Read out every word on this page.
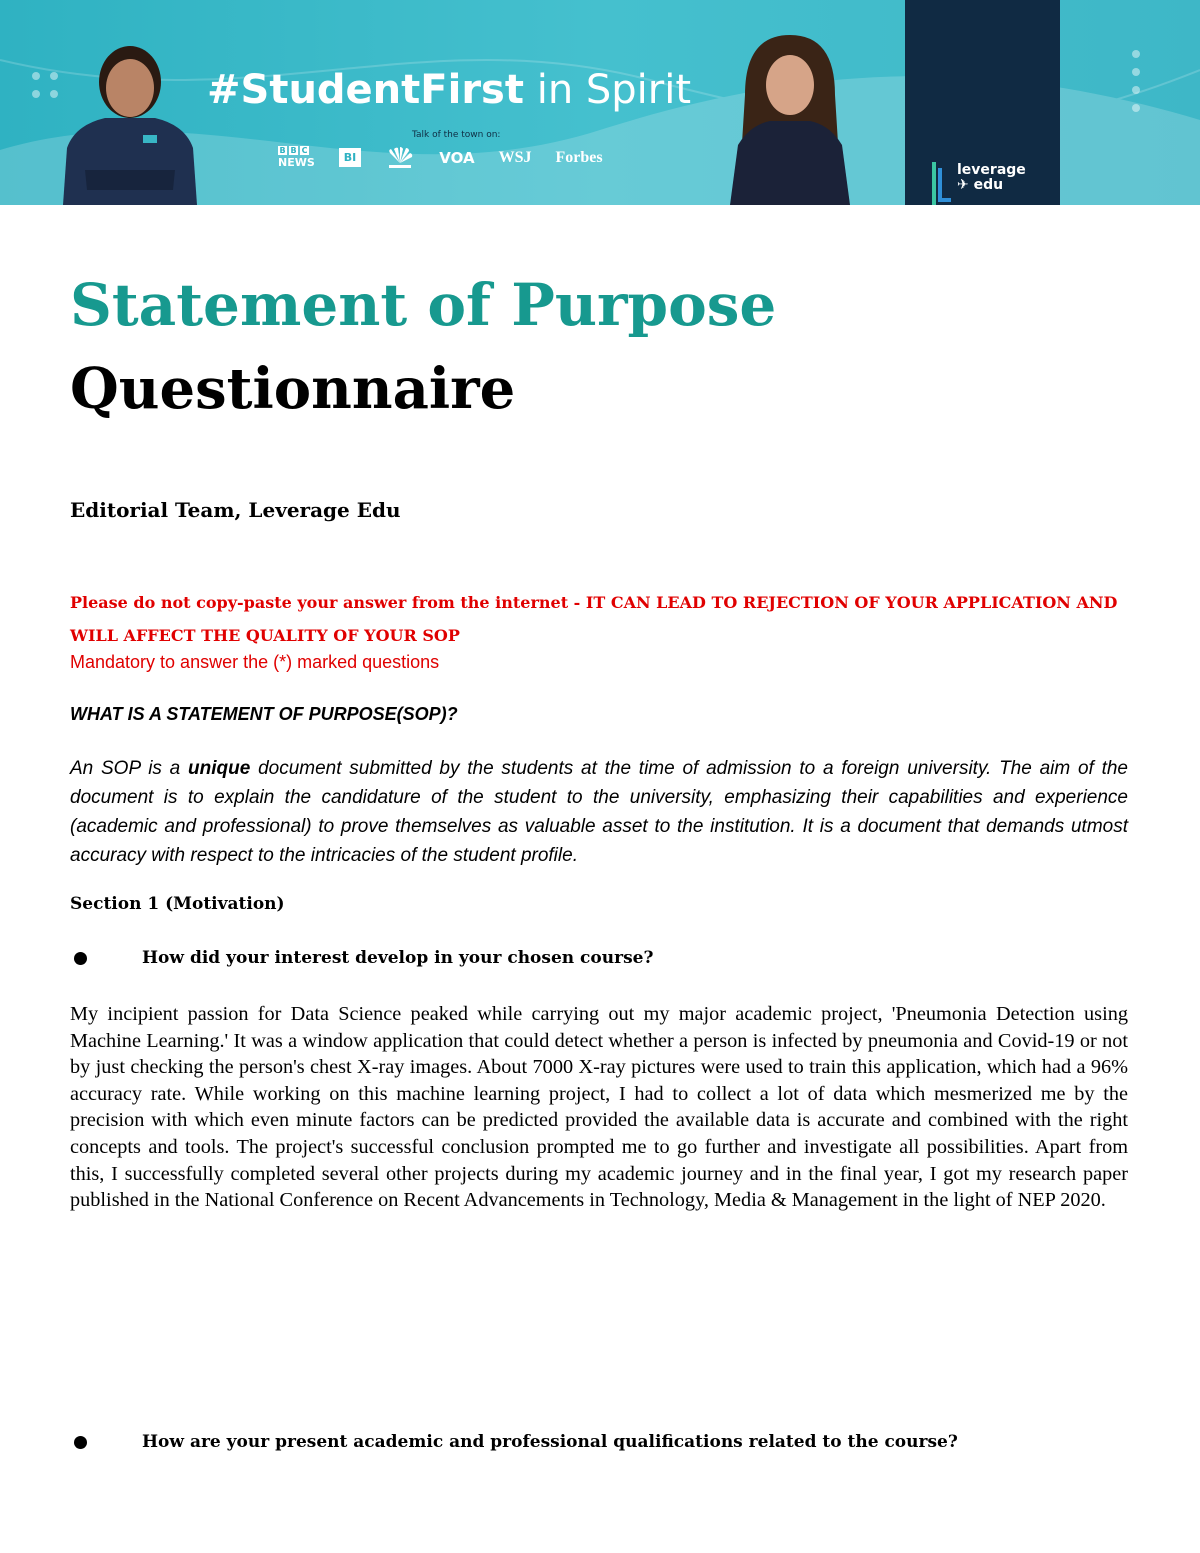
#StudentFirst in Spirit
Talk of the town on:
B B C
NEWS	BI	VOA WSJ Forbes
leverage
✈ edu
Statement of Purpose
Questionnaire
Editorial Team, Leverage Edu
Please do not copy-paste your answer from the internet - IT CAN LEAD TO REJECTION OF YOUR APPLICATION AND WILL AFFECT THE QUALITY OF YOUR SOP
Mandatory to answer the (*) marked questions
WHAT IS A STATEMENT OF PURPOSE(SOP)?

An SOP is a unique document submitted by the students at the time of admission to a foreign university. The aim of the document is to explain the candidature of the student to the university, emphasizing their capabilities and experience (academic and professional) to prove themselves as valuable asset to the institution. It is a document that demands utmost accuracy with respect to the intricacies of the student profile.

Section 1 (Motivation)
How did your interest develop in your chosen course?

My incipient passion for Data Science peaked while carrying out my major academic project, 'Pneumonia Detection using Machine Learning.' It was a window application that could detect whether a person is infected by pneumonia and Covid-19 or not by just checking the person's chest X-ray images. About 7000 X-ray pictures were used to train this application, which had a 96% accuracy rate. While working on this machine learning project, I had to collect a lot of data which mesmerized me by the precision with which even minute factors can be predicted provided the available data is accurate and combined with the right concepts and tools. The project's successful conclusion prompted me to go further and investigate all possibilities. Apart from this, I successfully completed several other projects during my academic journey and in the final year, I got my research paper published in the National Conference on Recent Advancements in Technology, Media & Management in the light of NEP 2020.

How are your present academic and professional qualifications related to the course?
